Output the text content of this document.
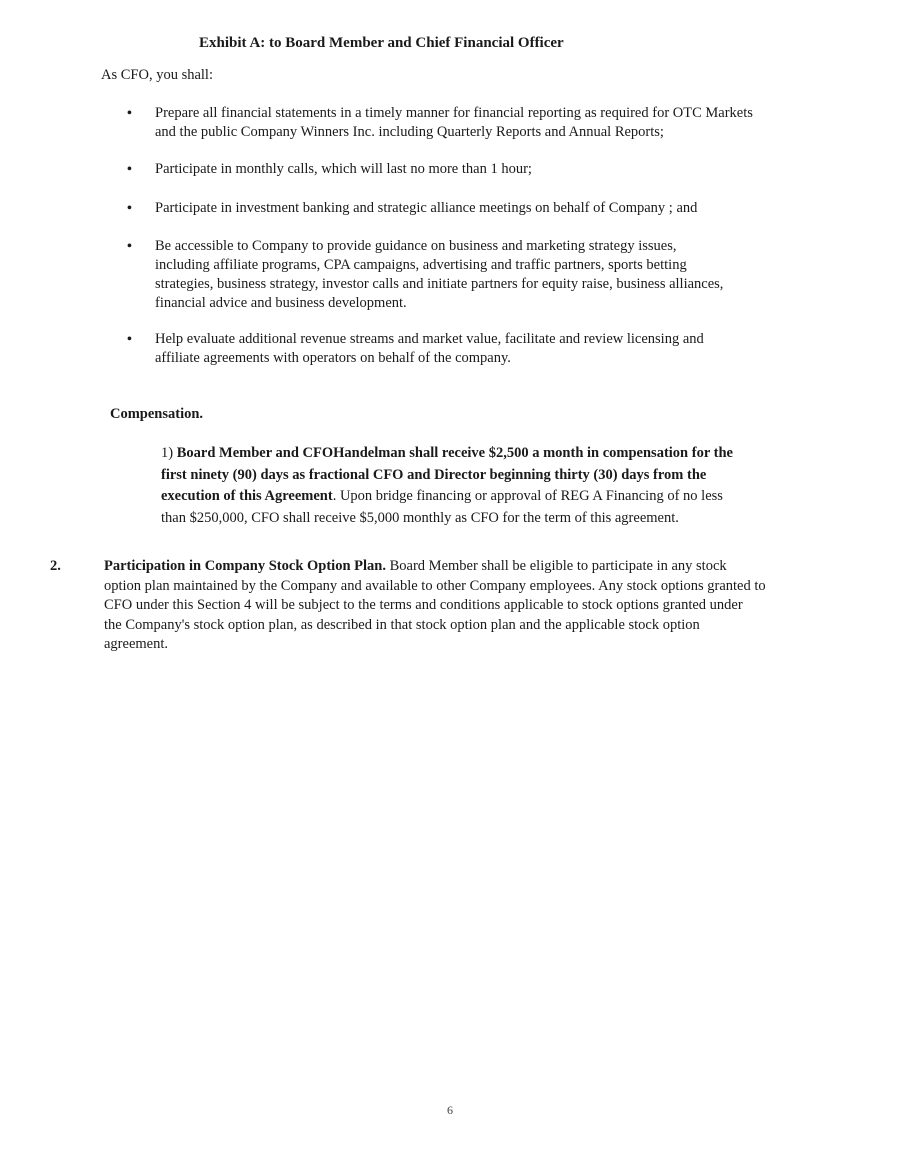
Exhibit A: to Board Member and Chief Financial Officer
As CFO, you shall:
• Prepare all financial statements in a timely manner for financial reporting as required for OTC Markets
and the public Company Winners Inc. including Quarterly Reports and Annual Reports;
• Participate in monthly calls, which will last no more than 1 hour;
• Participate in investment banking and strategic alliance meetings on behalf of Company ; and
• Be accessible to Company to provide guidance on business and marketing strategy issues,
including affiliate programs, CPA campaigns, advertising and traffic partners, sports betting
strategies, business strategy, investor calls and initiate partners for equity raise, business alliances,
financial advice and business development.
• Help evaluate additional revenue streams and market value, facilitate and review licensing and
affiliate agreements with operators on behalf of the company.
Compensation.
1) Board Member and CFOHandelman shall receive $2,500 a month in compensation for the
first ninety (90) days as fractional CFO and Director beginning thirty (30) days from the
execution of this Agreement. Upon bridge financing or approval of REG A Financing of no less
than $250,000, CFO shall receive $5,000 monthly as CFO for the term of this agreement.
2.	Participation in Company Stock Option Plan. Board Member shall be eligible to participate in any stock
option plan maintained by the Company and available to other Company employees. Any stock options granted to
CFO under this Section 4 will be subject to the terms and conditions applicable to stock options granted under
the Company's stock option plan, as described in that stock option plan and the applicable stock option
agreement.
6
